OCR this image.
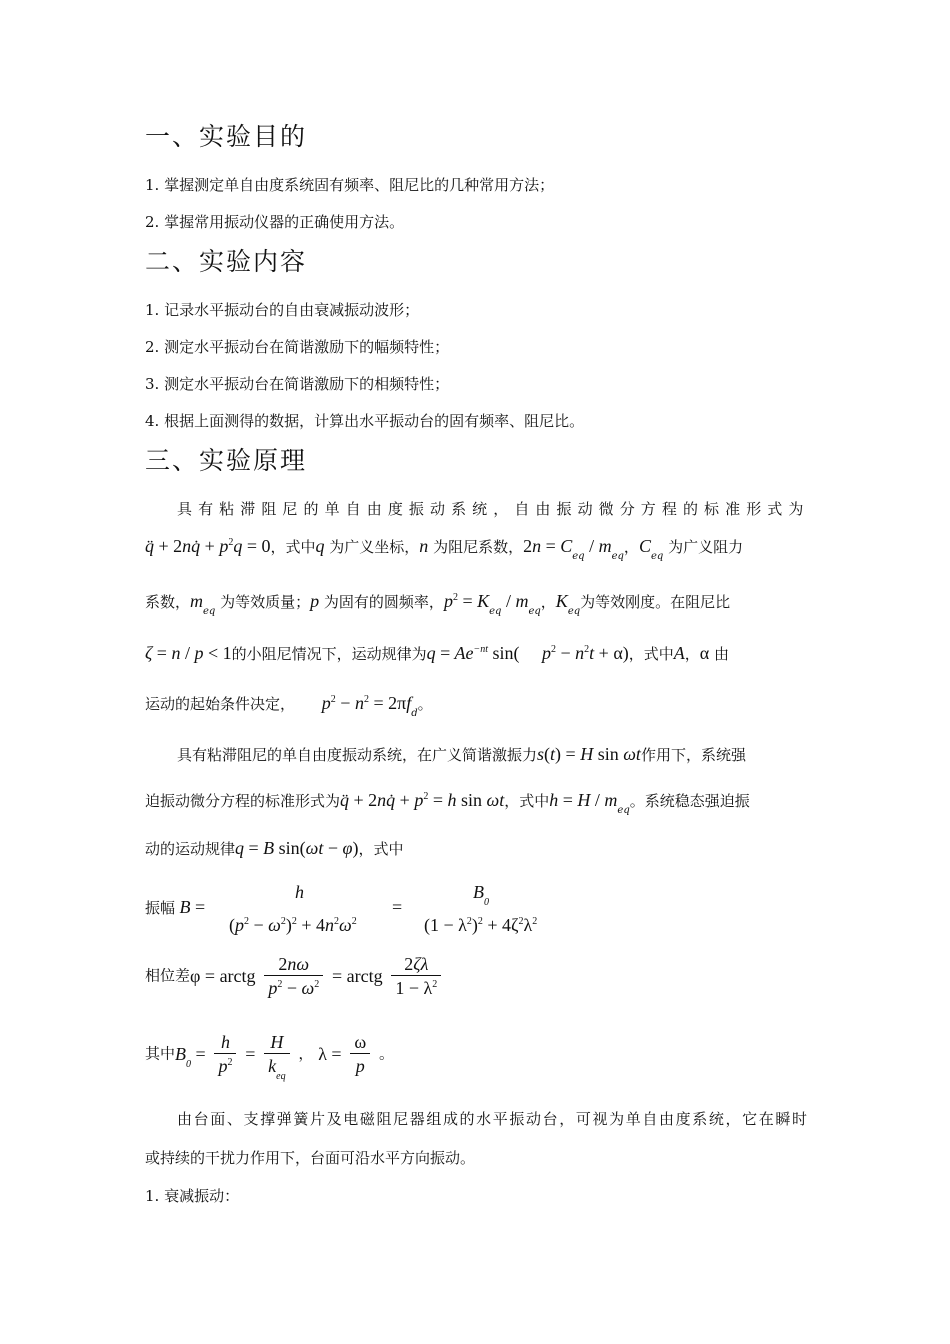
一、实验目的
1. 掌握测定单自由度系统固有频率、阻尼比的几种常用方法；
2. 掌握常用振动仪器的正确使用方法。
二、实验内容
1. 记录水平振动台的自由衰减振动波形；
2. 测定水平振动台在简谐激励下的幅频特性；
3. 测定水平振动台在简谐激励下的相频特性；
4. 根据上面测得的数据，计算出水平振动台的固有频率、阻尼比。
三、实验原理
具有粘滞阻尼的单自由度振动系统，自由振动微分方程的标准形式为
q̈ + 2nq̇ + $p^2q = 0$，式中q 为广义坐标，n 为阻尼系数，$2n = C_{eq} / m_{eq}$，$C_{eq}$ 为广义阻力
系数，$m_{eq}$ 为等效质量；p 为固有的圆频率，$p^2 = K_{eq} / m_{eq}$，$K_{eq}$为等效刚度。在阻尼比
ζ = n / p < 1的小阻尼情况下，运动规律为$q = Ae^{-nt}$ sin(     $p^2 - n^2t + \alpha$)，式中A，α 由
运动的起始条件决定， $p^2 - n^2 = 2\pi f_d$。
具有粘滞阻尼的单自由度振动系统，在广义简谐激振力s(t) = H sin ωt作用下，系统强
迫振动微分方程的标准形式为q̈ + 2nq̇ + $p^2 = h$ sin ωt，式中$h = H / m_{eq}$。系统稳态强迫振
动的运动规律q = B sin(ωt − φ)，式中
振幅 B =
h
$(p^2 - \omega^2)^2 + 4n^2\omega^2$
=
$B_0$
$(1 - \lambda^2)^2 + 4\zeta^2\lambda^2$
相位差φ = arctg $\frac{2n\omega}{p^2 - \omega^2}$ = arctg $\frac{2\zeta\lambda}{1 - \lambda^2}$
其中$B_0 = \frac{h}{p^2} = \frac{H}{k_{eq}}$ ， $\lambda = \frac{\omega}{p}$ 。
由台面、支撑弹簧片及电磁阻尼器组成的水平振动台，可视为单自由度系统，它在瞬时
或持续的干扰力作用下，台面可沿水平方向振动。
1. 衰减振动：
